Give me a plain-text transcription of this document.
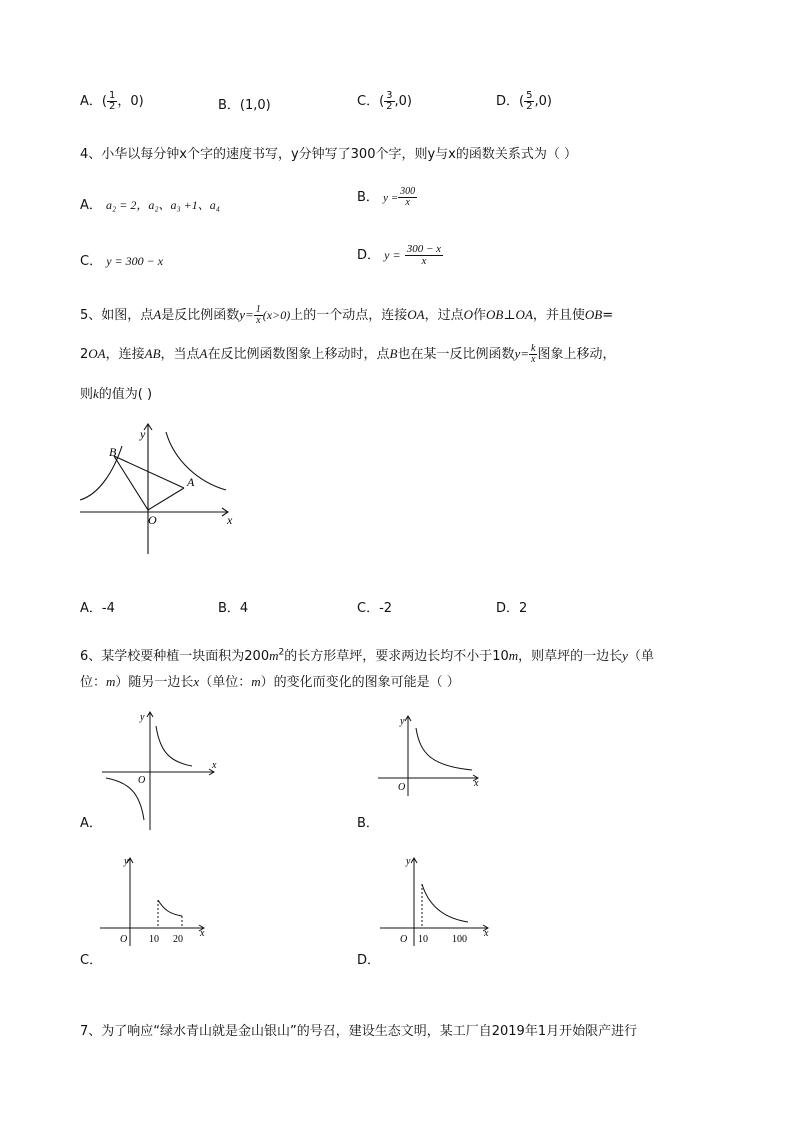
A．( $\frac{1}{2}$ ，0)	B．(1,0)	C．( $\frac{3}{2} ,0$)	D．( $\frac{5}{2} ,0$)
4、小华以每分钟x个字的速度书写，y分钟写了300个字，则y与x的函数关系式为（ ）
A． a₂ = 2，a₂、a₃ +1、a₄	B． $y = \frac{300}{x}$
C． y = 300 − x	D． $y = \frac{300 - x}{x}$
5、如图，点A是反比例函数$y= \frac{1}{x} (x>0)$上的一个动点，连接OA，过点O作OB⊥OA，并且使OB=
2OA，连接AB，当点A在反比例函数图象上移动时，点B也在某一反比例函数$y= \frac{k}{x}$ 图象上移动，
则k的值为( )
y
x
O
A
B
A．-4	B．4	C．-2	D．2
6、某学校要种植一块面积为$200m^2$的长方形草坪，要求两边长均不小于10m，则草坪的一边长y（单
位：m）随另一边长x（单位：m）的变化而变化的图象可能是（ ）
y
x
O
A．
y
x
O
B．
y
x
O 10 20
C．
y
x
O 10 100
D．
7、为了响应“绿水青山就是金山银山”的号召，建设生态文明，某工厂自2019年1月开始限产进行
